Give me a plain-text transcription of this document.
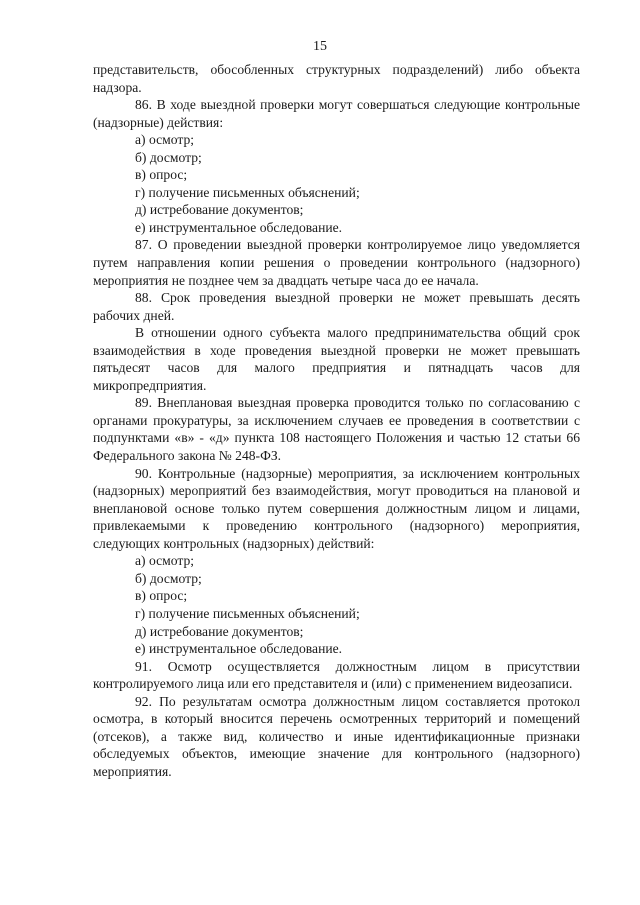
15

представительств, обособленных структурных подразделений) либо объекта надзора.

86. В ходе выездной проверки могут совершаться следующие контрольные (надзорные) действия:

а) осмотр;

б) досмотр;

в) опрос;

г) получение письменных объяснений;

д) истребование документов;

е) инструментальное обследование.

87. О проведении выездной проверки контролируемое лицо уведомляется путем направления копии решения о проведении контрольного (надзорного) мероприятия не позднее чем за двадцать четыре часа до ее начала.

88. Срок проведения выездной проверки не может превышать десять рабочих дней.

В отношении одного субъекта малого предпринимательства общий срок взаимодействия в ходе проведения выездной проверки не может превышать пятьдесят часов для малого предприятия и пятнадцать часов для микропредприятия.

89. Внеплановая выездная проверка проводится только по согласованию с органами прокуратуры, за исключением случаев ее проведения в соответствии с подпунктами «в» - «д» пункта 108 настоящего Положения и частью 12 статьи 66 Федерального закона № 248-ФЗ.

90. Контрольные (надзорные) мероприятия, за исключением контрольных (надзорных) мероприятий без взаимодействия, могут проводиться на плановой и внеплановой основе только путем совершения должностным лицом и лицами, привлекаемыми к проведению контрольного (надзорного) мероприятия, следующих контрольных (надзорных) действий:

а) осмотр;

б) досмотр;

в) опрос;

г) получение письменных объяснений;

д) истребование документов;

е) инструментальное обследование.

91. Осмотр осуществляется должностным лицом в присутствии контролируемого лица или его представителя и (или) с применением видеозаписи.

92. По результатам осмотра должностным лицом составляется протокол осмотра, в который вносится перечень осмотренных территорий и помещений (отсеков), а также вид, количество и иные идентификационные признаки обследуемых объектов, имеющие значение для контрольного (надзорного) мероприятия.
